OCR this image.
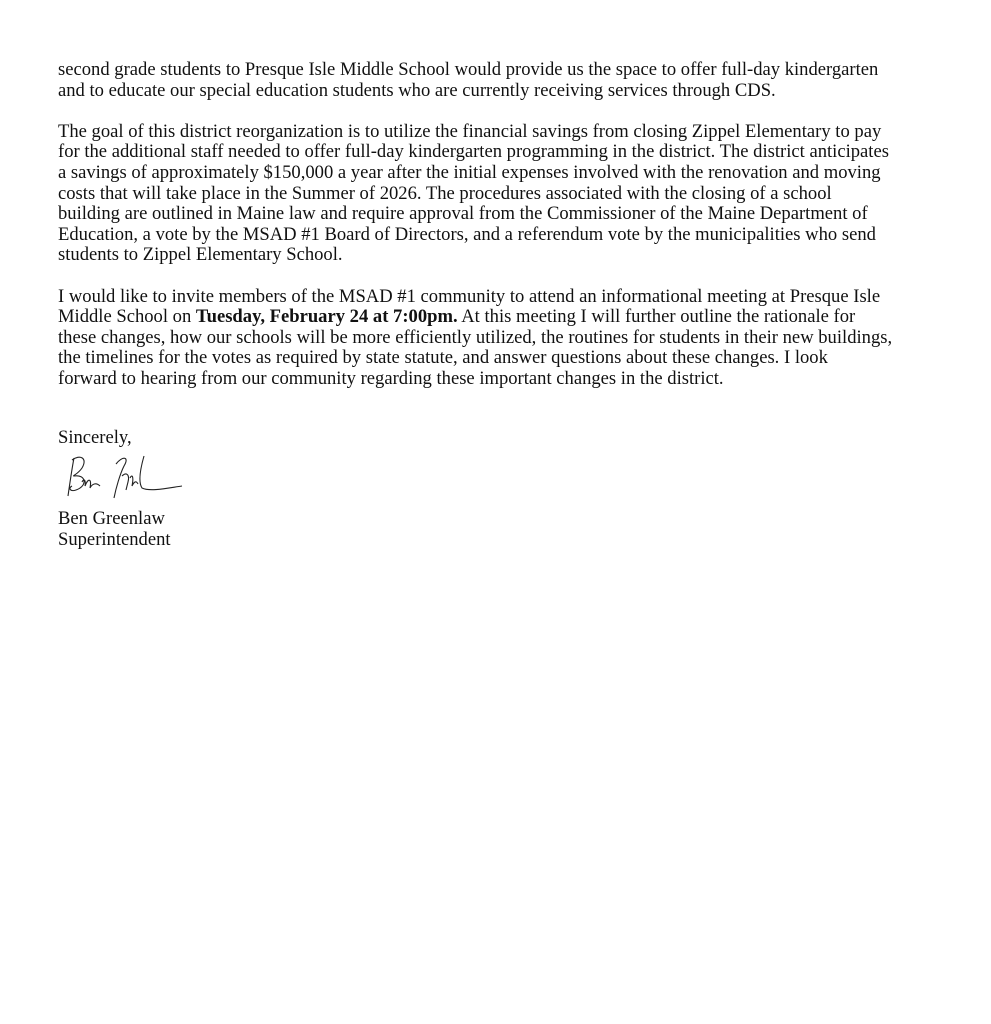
second grade students to Presque Isle Middle School would provide us the space to offer full-day kindergarten
and to educate our special education students who are currently receiving services through CDS.
The goal of this district reorganization is to utilize the financial savings from closing Zippel Elementary to pay
for the additional staff needed to offer full-day kindergarten programming in the district. The district anticipates
a savings of approximately $150,000 a year after the initial expenses involved with the renovation and moving
costs that will take place in the Summer of 2026. The procedures associated with the closing of a school
building are outlined in Maine law and require approval from the Commissioner of the Maine Department of
Education, a vote by the MSAD #1 Board of Directors, and a referendum vote by the municipalities who send
students to Zippel Elementary School.
I would like to invite members of the MSAD #1 community to attend an informational meeting at Presque Isle
Middle School on Tuesday, February 24 at 7:00pm. At this meeting I will further outline the rationale for
these changes, how our schools will be more efficiently utilized, the routines for students in their new buildings,
the timelines for the votes as required by state statute, and answer questions about these changes. I look
forward to hearing from our community regarding these important changes in the district.
Sincerely,
Ben Greenlaw
Superintendent
